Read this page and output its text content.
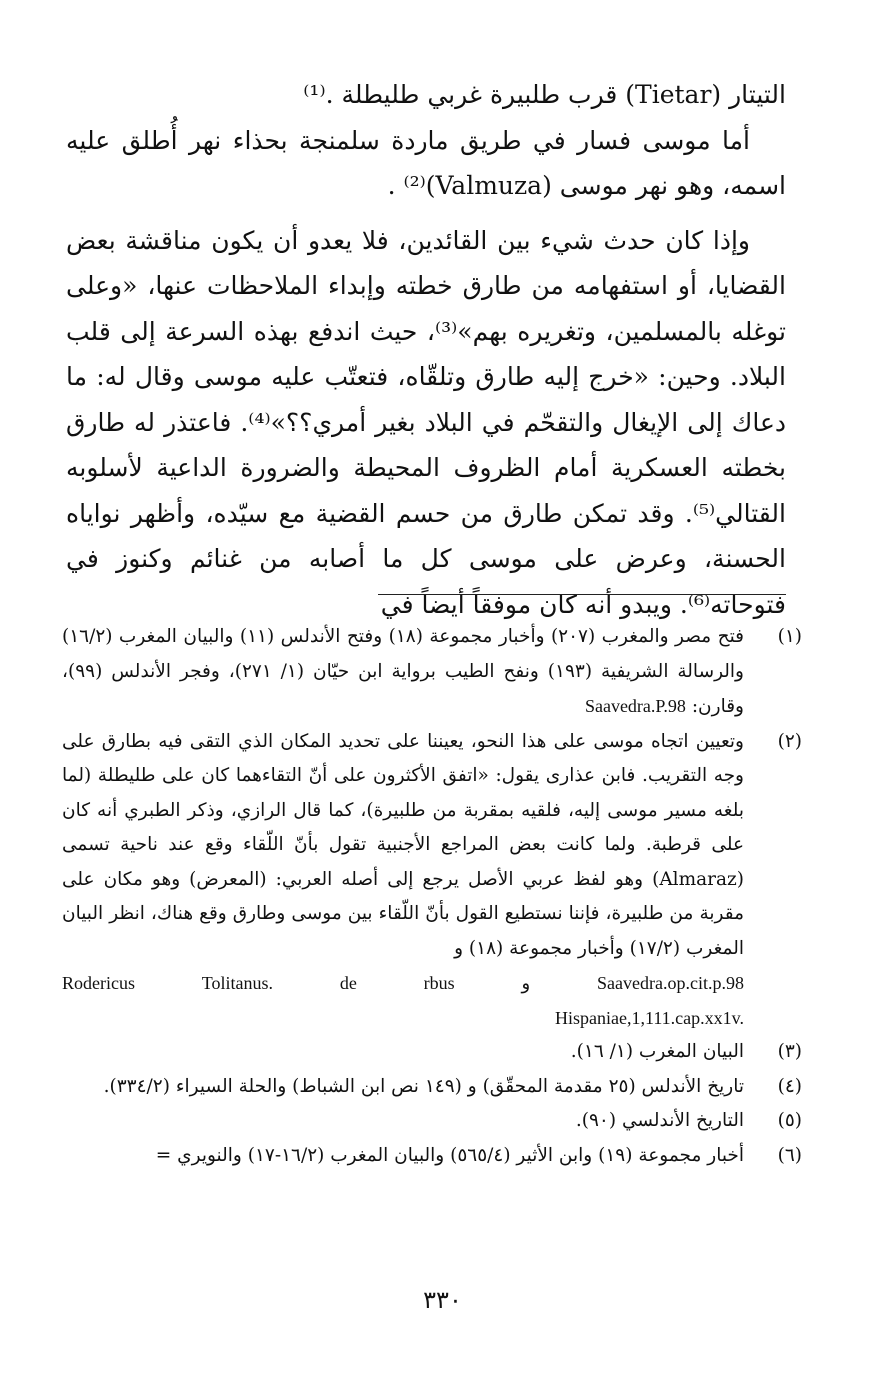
التيتار (Tietar) قرب طلبيرة غربي طليطلة .⁽¹⁾

أما موسى فسار في طريق ماردة سلمنجة بحذاء نهر أُطلق عليه اسمه، وهو نهر موسى (Valmuza)⁽²⁾ .

وإذا كان حدث شيء بين القائدين، فلا يعدو أن يكون مناقشة بعض القضايا، أو استفهامه من طارق خطته وإبداء الملاحظات عنها، «وعلى توغله بالمسلمين، وتغريره بهم»⁽³⁾، حيث اندفع بهذه السرعة إلى قلب البلاد. وحين: «خرج إليه طارق وتلقّاه، فتعتّب عليه موسى وقال له: ما دعاك إلى الإيغال والتقحّم في البلاد بغير أمري؟؟»⁽⁴⁾. فاعتذر له طارق بخطته العسكرية أمام الظروف المحيطة والضرورة الداعية لأسلوبه القتالي⁽⁵⁾. وقد تمكن طارق من حسم القضية مع سيّده، وأظهر نواياه الحسنة، وعرض على موسى كل ما أصابه من غنائم وكنوز في فتوحاته⁽⁶⁾. ويبدو أنه كان موفقاً أيضاً في

(١)
فتح مصر والمغرب (٢٠٧) وأخبار مجموعة (١٨) وفتح الأندلس (١١) والبيان المغرب (١٦/٢) والرسالة الشريفية (١٩٣) ونفح الطيب برواية ابن حيّان (١/ ٢٧١)، وفجر الأندلس (٩٩)، وقارن: Saavedra.P.98
(٢)
وتعيين اتجاه موسى على هذا النحو، يعيننا على تحديد المكان الذي التقى فيه بطارق على وجه التقريب. فابن عذارى يقول: «اتفق الأكثرون على أنّ التقاءهما كان على طليطلة (لما بلغه مسير موسى إليه، فلقيه بمقربة من طلبيرة)، كما قال الرازي، وذكر الطبري أنه كان على قرطبة. ولما كانت بعض المراجع الأجنبية تقول بأنّ اللّقاء وقع عند ناحية تسمى (Almaraz) وهو لفظ عربي الأصل يرجع إلى أصله العربي: (المعرض) وهو مكان على مقربة من طلبيرة، فإننا نستطيع القول بأنّ اللّقاء بين موسى وطارق وقع هناك، انظر البيان المغرب (١٧/٢) وأخبار مجموعة (١٨) و
Rodericus	Tolitanus.	de	rbus	و	Saavedra.op.cit.p.98
Hispaniae,1,111.cap.xx1v.
(٣)
البيان المغرب (١/ ١٦).
(٤)
تاريخ الأندلس (٢٥ مقدمة المحقّق) و (١٤٩ نص ابن الشباط) والحلة السيراء (٣٣٤/٢).
(٥)
التاريخ الأندلسي (٩٠).
(٦)
أخبار مجموعة (١٩) وابن الأثير (٥٦٥/٤) والبيان المغرب (١٦/٢-١٧) والنويري =
٣٣٠
